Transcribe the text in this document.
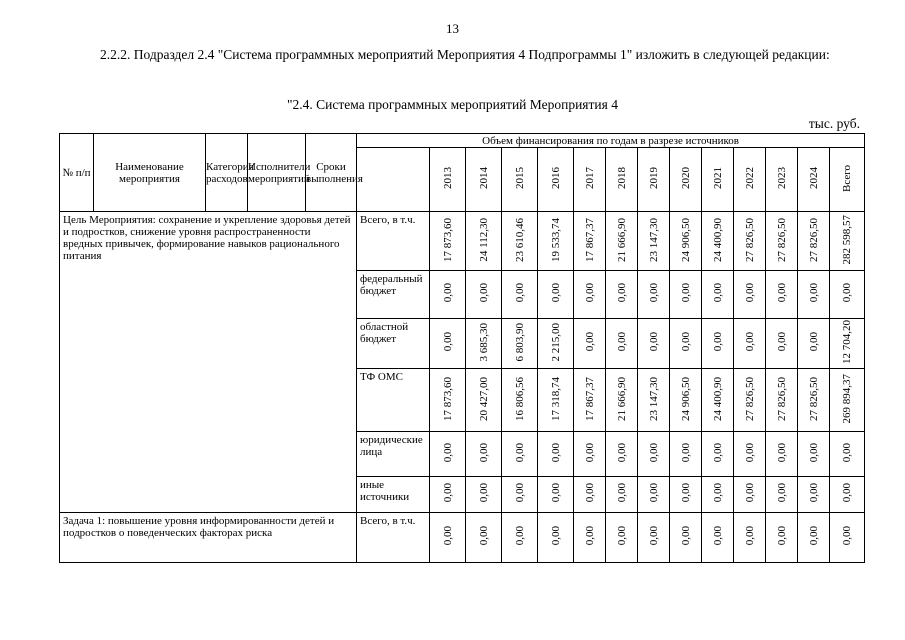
13
2.2.2. Подраздел 2.4 "Система программных мероприятий Мероприятия 4 Подпрограммы 1" изложить в следующей редакции:
"2.4. Система программных мероприятий Мероприятия 4
тыс. руб.
№ п/п	Наименование мероприятия	Категория расходов	Исполнители мероприятий	Сроки выполнения	Объем финансирования по годам в разрезе источников													
						2013	2014	2015	2016	2017	2018	2019	2020	2021	2022	2023	2024	Всего
Цель Мероприятия: сохранение и укрепление здоровья детей и подростков, снижение уровня распространенности вредных привычек, формирование навыков рационального питания					Всего, в т.ч.	17 873,60	24 112,30	23 610,46	19 533,74	17 867,37	21 666,90	23 147,30	24 906,50	24 400,90	27 826,50	27 826,50	27 826,50	282 598,57
					федеральный бюджет	0,00	0,00	0,00	0,00	0,00	0,00	0,00	0,00	0,00	0,00	0,00	0,00	0,00
					областной бюджет	0,00	3 685,30	6 803,90	2 215,00	0,00	0,00	0,00	0,00	0,00	0,00	0,00	0,00	12 704,20
					ТФ ОМС	17 873,60	20 427,00	16 806,56	17 318,74	17 867,37	21 666,90	23 147,30	24 906,50	24 400,90	27 826,50	27 826,50	27 826,50	269 894,37
					юридические лица	0,00	0,00	0,00	0,00	0,00	0,00	0,00	0,00	0,00	0,00	0,00	0,00	0,00
					иные источники	0,00	0,00	0,00	0,00	0,00	0,00	0,00	0,00	0,00	0,00	0,00	0,00	0,00
Задача 1: повышение уровня информированности детей и подростков о поведенческих факторах риска					Всего, в т.ч.	0,00	0,00	0,00	0,00	0,00	0,00	0,00	0,00	0,00	0,00	0,00	0,00	0,00
